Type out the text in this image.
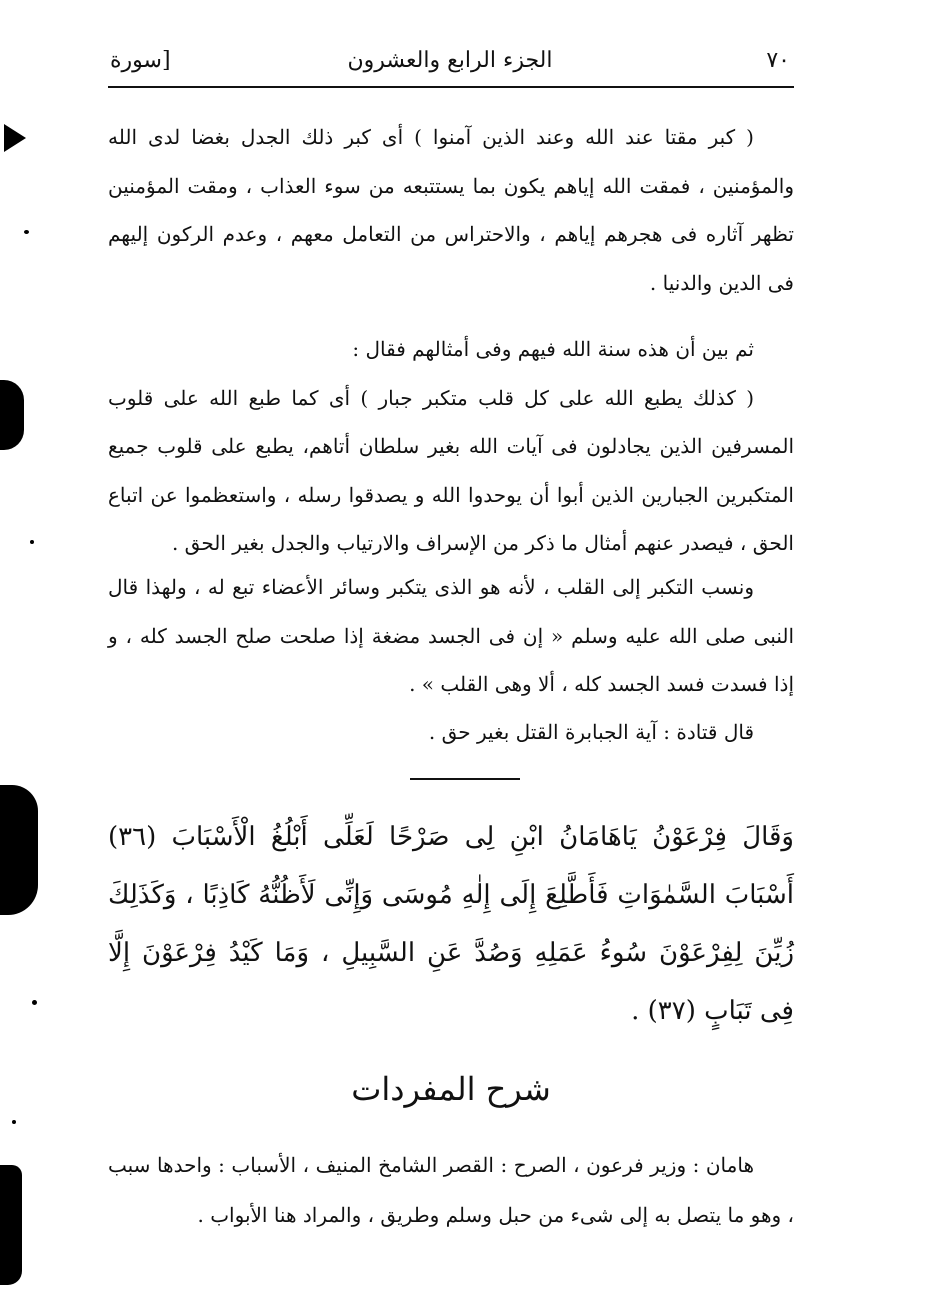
٧٠
الجزء الرابع والعشرون
[سورة

( كبر مقتا عند الله وعند الذين آمنوا ) أى كبر ذلك الجدل بغضا لدى الله والمؤمنين ، فمقت الله إياهم يكون بما يستتبعه من سوء العذاب ، ومقت المؤمنين تظهر آثاره فى هجرهم إياهم ، والاحتراس من التعامل معهم ، وعدم الركون إليهم فى الدين والدنيا .

ثم بين أن هذه سنة الله فيهم وفى أمثالهم فقال :

( كذلك يطبع الله على كل قلب متكبر جبار ) أى كما طبع الله على قلوب المسرفين الذين يجادلون فى آيات الله بغير سلطان أتاهم، يطبع على قلوب جميع المتكبرين الجبارين الذين أبوا أن يوحدوا الله و يصدقوا رسله ، واستعظموا عن اتباع الحق ، فيصدر عنهم أمثال ما ذكر من الإسراف والارتياب والجدل بغير الحق .

ونسب التكبر إلى القلب ، لأنه هو الذى يتكبر وسائر الأعضاء تبع له ، ولهذا قال النبى صلى الله عليه وسلم « إن فى الجسد مضغة إذا صلحت صلح الجسد كله ، و إذا فسدت فسد الجسد كله ، ألا وهى القلب » .

قال قتادة : آية الجبابرة القتل بغير حق .

وَقَالَ فِرْعَوْنُ يَاهَامَانُ ابْنِ لِى صَرْحًا لَعَلِّى أَبْلُغُ الْأَسْبَابَ (٣٦) أَسْبَابَ السَّمٰوَاتِ فَأَطَّلِعَ إِلَى إِلٰهِ مُوسَى وَإِنِّى لَأَظُنُّهُ كَاذِبًا ، وَكَذَلِكَ زُيِّنَ لِفِرْعَوْنَ سُوءُ عَمَلِهِ وَصُدَّ عَنِ السَّبِيلِ ، وَمَا كَيْدُ فِرْعَوْنَ إِلَّا فِى تَبَابٍ (٣٧) .

شرح المفردات

هامان : وزير فرعون ، الصرح : القصر الشامخ المنيف ، الأسباب : واحدها سبب ، وهو ما يتصل به إلى شىء من حبل وسلم وطريق ، والمراد هنا الأبواب .
